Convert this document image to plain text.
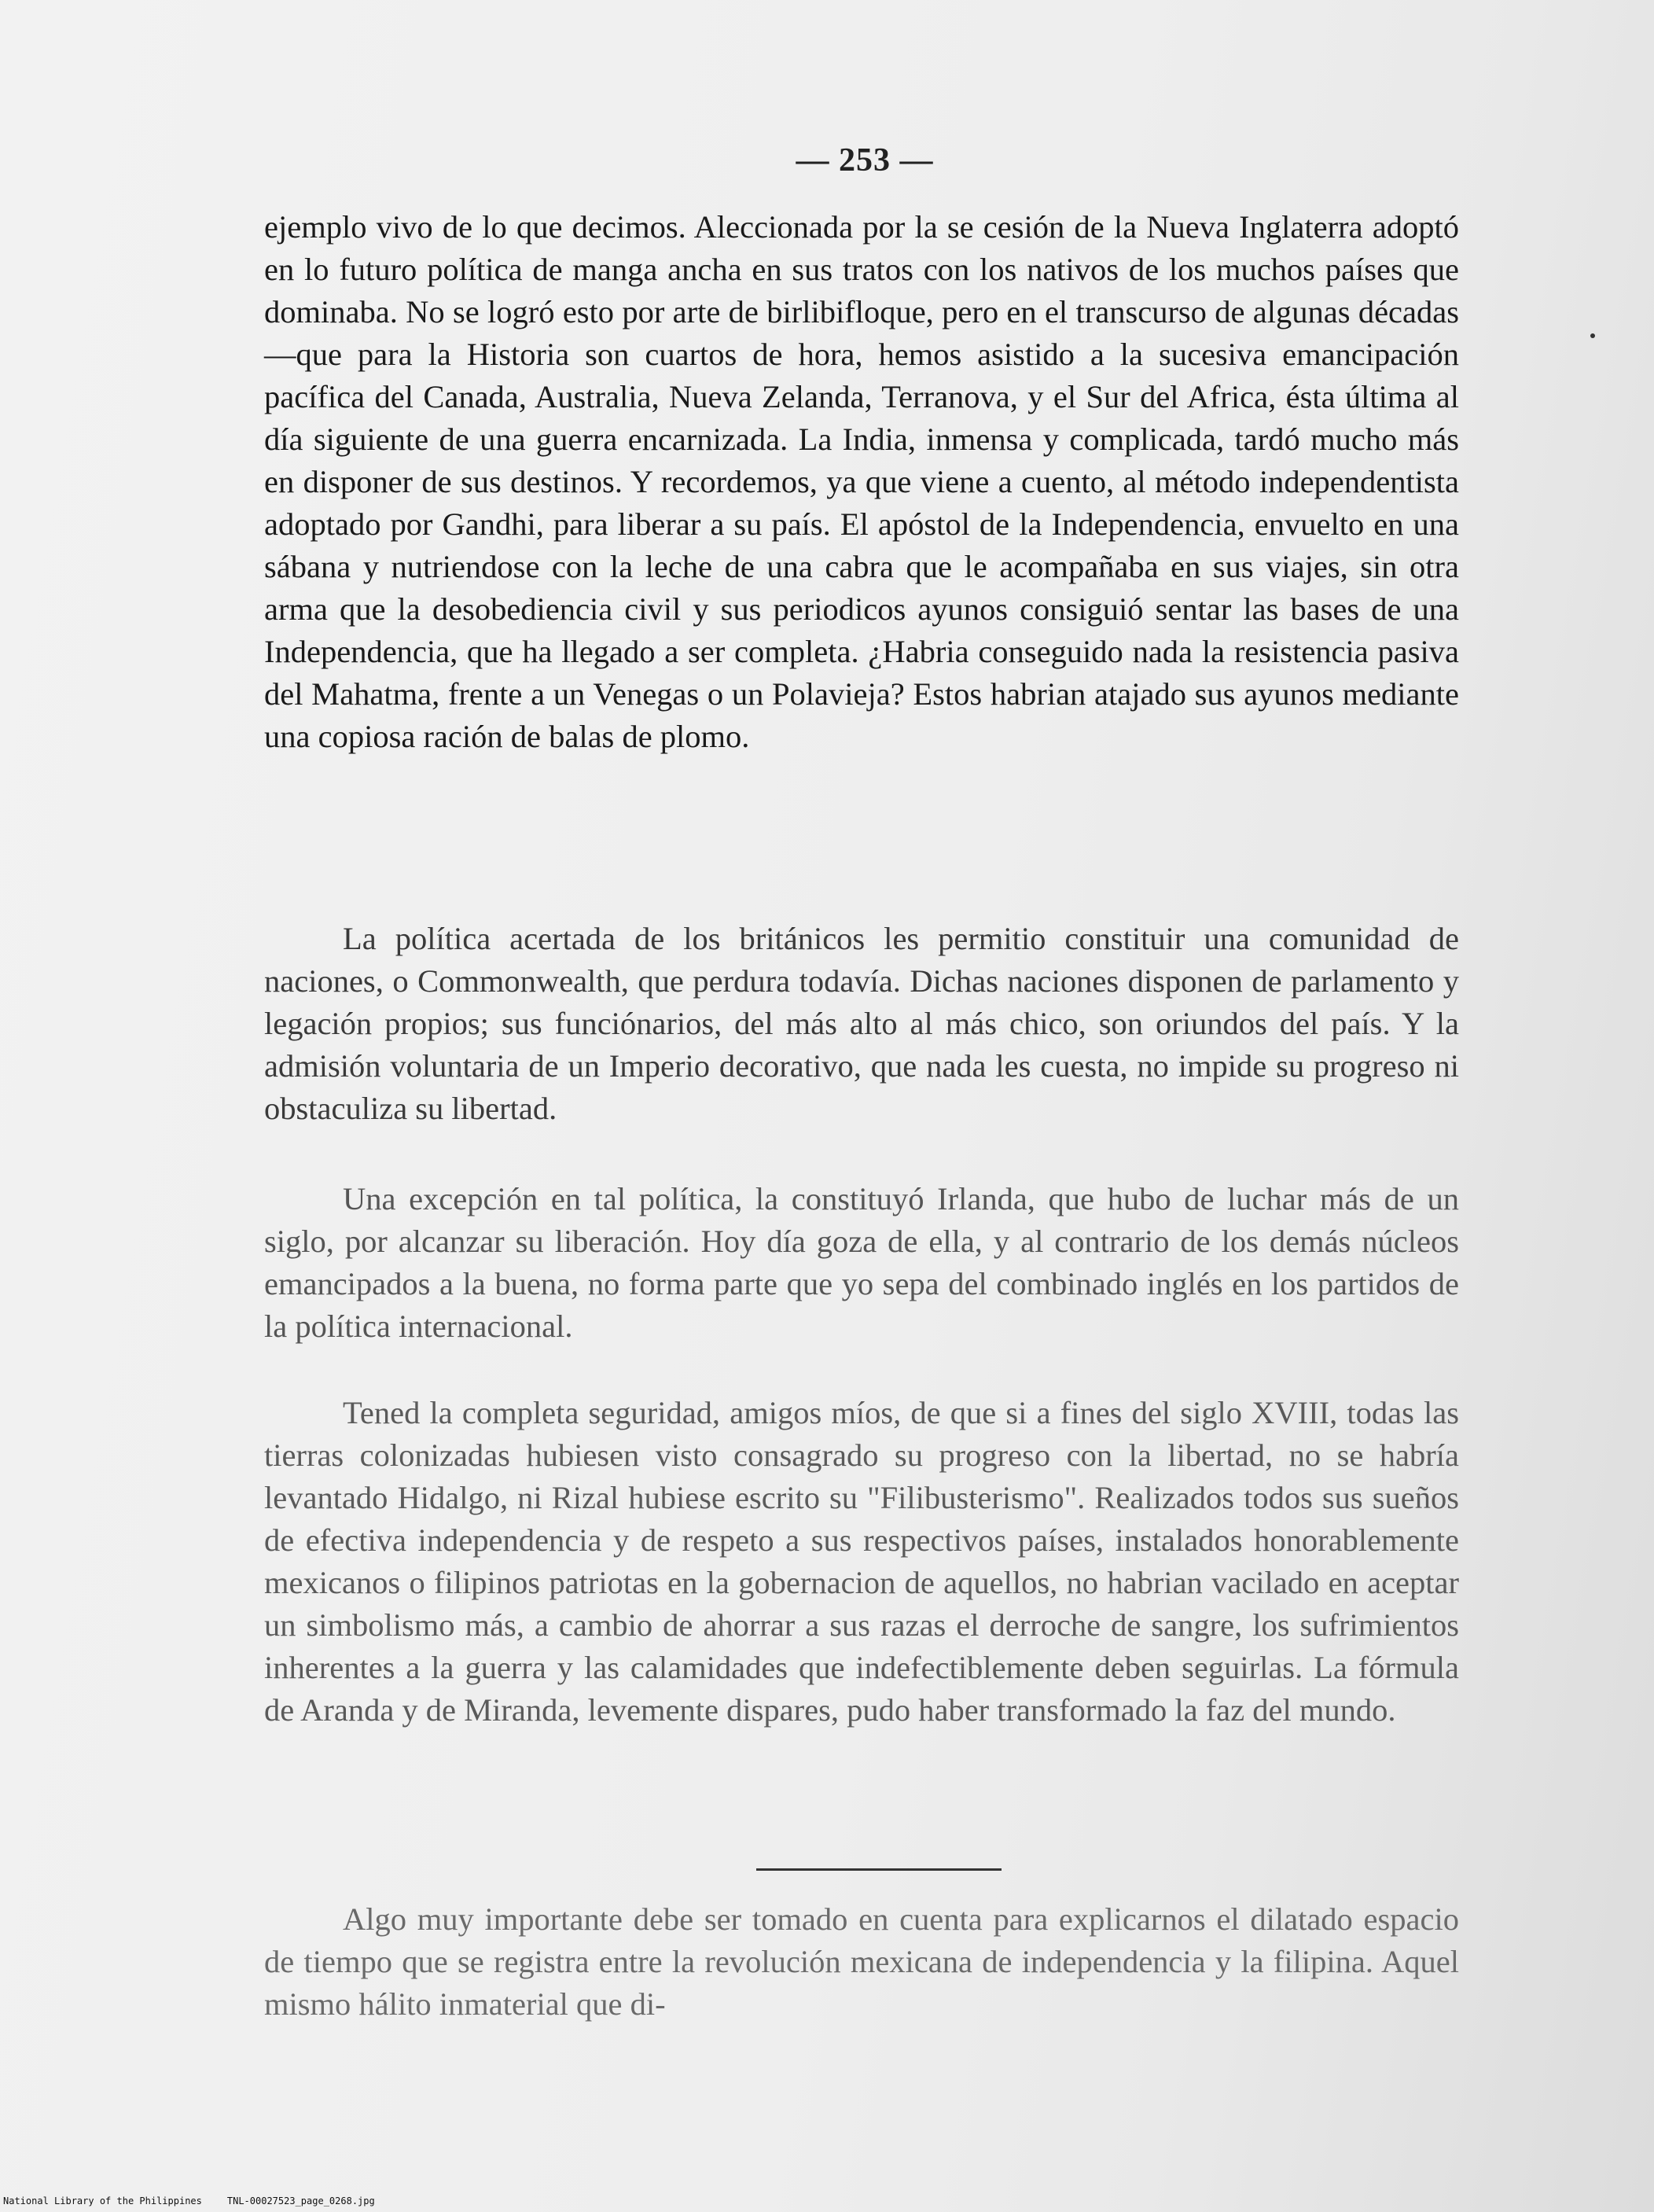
— 253 —

ejemplo vivo de lo que decimos. Aleccionada por la se cesión de la Nueva Inglaterra adoptó en lo futuro política de manga ancha en sus tratos con los nativos de los muchos países que dominaba. No se logró esto por arte de birlibifloque, pero en el transcurso de algunas décadas—que para la Historia son cuartos de hora, hemos asistido a la sucesiva emancipación pacífica del Canada, Australia, Nueva Zelanda, Terranova, y el Sur del Africa, ésta última al día siguiente de una guerra encarnizada. La India, inmensa y complicada, tardó mucho más en disponer de sus destinos. Y recordemos, ya que viene a cuento, al método independentista adoptado por Gandhi, para liberar a su país. El apóstol de la Independencia, envuelto en una sábana y nutriendose con la leche de una cabra que le acompañaba en sus viajes, sin otra arma que la desobediencia civil y sus periodicos ayunos consiguió sentar las bases de una Independencia, que ha llegado a ser completa. ¿Habria conseguido nada la resistencia pasiva del Mahatma, frente a un Venegas o un Polavieja? Estos habrian atajado sus ayunos mediante una copiosa ración de balas de plomo.

La política acertada de los británicos les permitio constituir una comunidad de naciones, o Commonwealth, que perdura todavía. Dichas naciones disponen de parlamento y legación propios; sus funciónarios, del más alto al más chico, son oriundos del país. Y la admisión voluntaria de un Imperio decorativo, que nada les cuesta, no impide su progreso ni obstaculiza su libertad.

Una excepción en tal política, la constituyó Irlanda, que hubo de luchar más de un siglo, por alcanzar su liberación. Hoy día goza de ella, y al contrario de los demás núcleos emancipados a la buena, no forma parte que yo sepa del combinado inglés en los partidos de la política internacional.

Tened la completa seguridad, amigos míos, de que si a fines del siglo XVIII, todas las tierras colonizadas hubiesen visto consagrado su progreso con la libertad, no se habría levantado Hidalgo, ni Rizal hubiese escrito su "Filibusterismo". Realizados todos sus sueños de efectiva independencia y de respeto a sus respectivos países, instalados honorablemente mexicanos o filipinos patriotas en la gobernacion de aquellos, no habrian vacilado en aceptar un simbolismo más, a cambio de ahorrar a sus razas el derroche de sangre, los sufrimientos inherentes a la guerra y las calamidades que indefectiblemente deben seguirlas. La fórmula de Aranda y de Miranda, levemente dispares, pudo haber transformado la faz del mundo.

Algo muy importante debe ser tomado en cuenta para explicarnos el dilatado espacio de tiempo que se registra entre la revolución mexicana de independencia y la filipina. Aquel mismo hálito inmaterial que di-

National Library of the Philippines	TNL-00027523_page_0268.jpg
